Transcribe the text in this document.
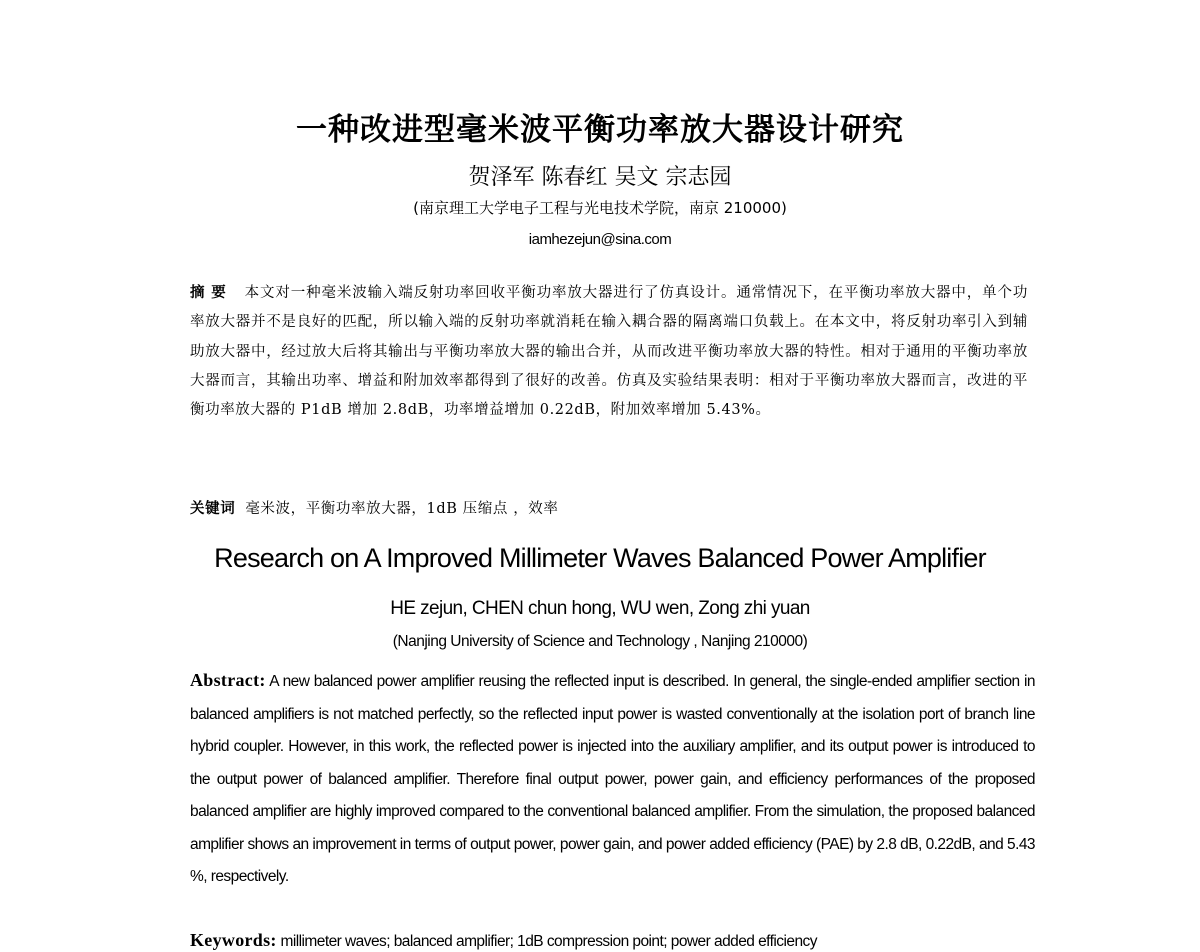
一种改进型毫米波平衡功率放大器设计研究
贺泽军 陈春红 吴文 宗志园
(南京理工大学电子工程与光电技术学院，南京 210000)
iamhezejun@sina.com
摘 要 本文对一种毫米波输入端反射功率回收平衡功率放大器进行了仿真设计。通常情况下，在平衡功率放大器中，单个功率放大器并不是良好的匹配，所以输入端的反射功率就消耗在输入耦合器的隔离端口负载上。在本文中，将反射功率引入到辅助放大器中，经过放大后将其输出与平衡功率放大器的输出合并，从而改进平衡功率放大器的特性。相对于通用的平衡功率放大器而言，其输出功率、增益和附加效率都得到了很好的改善。仿真及实验结果表明：相对于平衡功率放大器而言，改进的平衡功率放大器的 P1dB 增加 2.8dB，功率增益增加 0.22dB，附加效率增加 5.43%。
关键词 毫米波，平衡功率放大器，1dB 压缩点 ，效率
Research on A Improved Millimeter Waves Balanced Power Amplifier
HE zejun, CHEN chun hong, WU wen, Zong zhi yuan
(Nanjing University of Science and Technology , Nanjing 210000)
Abstract: A new balanced power amplifier reusing the reflected input is described. In general, the single-ended amplifier section in balanced amplifiers is not matched perfectly, so the reflected input power is wasted conventionally at the isolation port of branch line hybrid coupler. However, in this work, the reflected power is injected into the auxiliary amplifier, and its output power is introduced to the output power of balanced amplifier. Therefore final output power, power gain, and efficiency performances of the proposed balanced amplifier are highly improved compared to the conventional balanced amplifier. From the simulation, the proposed balanced amplifier shows an improvement in terms of output power, power gain, and power added efficiency (PAE) by 2.8 dB, 0.22dB, and 5.43 %, respectively.
Keywords: millimeter waves; balanced amplifier; 1dB compression point; power added efficiency
